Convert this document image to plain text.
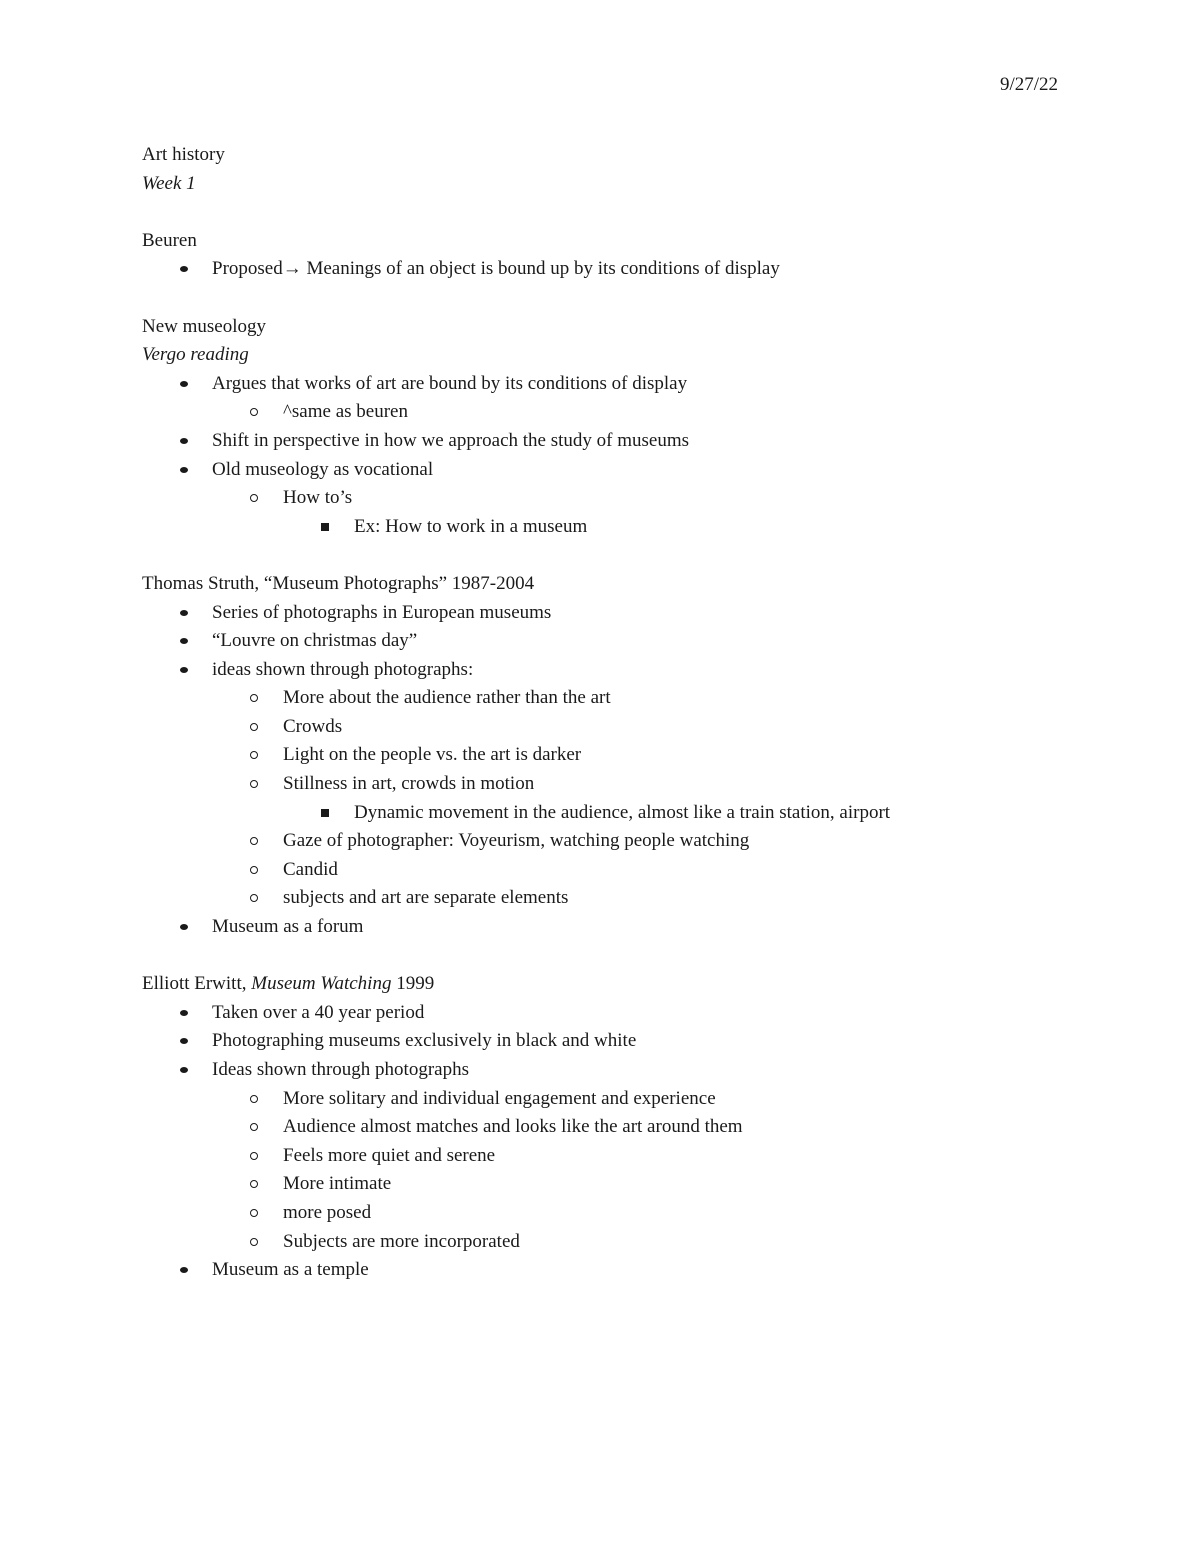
9/27/22
Art history
Week 1
Beuren
Proposed→ Meanings of an object is bound up by its conditions of display
New museology
Vergo reading
Argues that works of art are bound by its conditions of display
^same as beuren
Shift in perspective in how we approach the study of museums
Old museology as vocational
How to’s
Ex: How to work in a museum
Thomas Struth, “Museum Photographs” 1987-2004
Series of photographs in European museums
“Louvre on christmas day”
ideas shown through photographs:
More about the audience rather than the art
Crowds
Light on the people vs. the art is darker
Stillness in art, crowds in motion
Dynamic movement in the audience, almost like a train station, airport
Gaze of photographer: Voyeurism, watching people watching
Candid
subjects and art are separate elements
Museum as a forum
Elliott Erwitt, Museum Watching 1999
Taken over a 40 year period
Photographing museums exclusively in black and white
Ideas shown through photographs
More solitary and individual engagement and experience
Audience almost matches and looks like the art around them
Feels more quiet and serene
More intimate
more posed
Subjects are more incorporated
Museum as a temple
